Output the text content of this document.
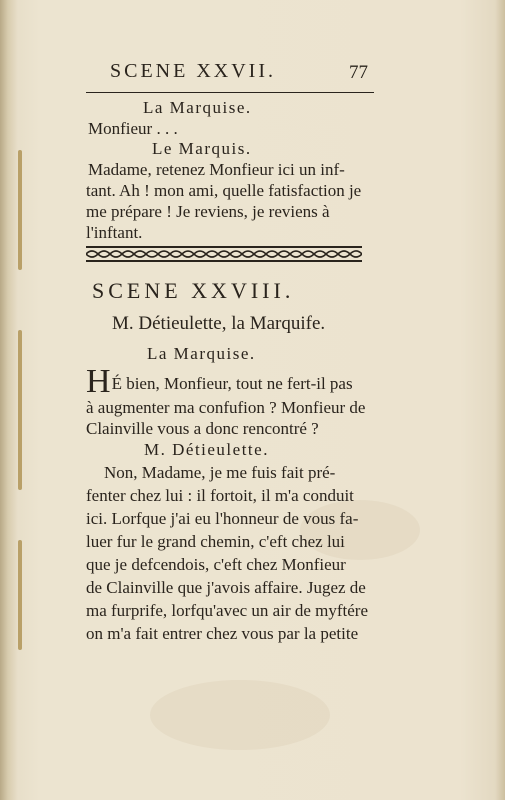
SCENE XXVII.	77
La Marquise.
Monfieur . . .
Le Marquis.
Madame, retenez Monfieur ici un inf-
tant. Ah ! mon ami, quelle fatisfaction je
me prépare ! Je reviens, je reviens à
l'inftant.
SCENE XXVIII.
M. Détieulette, la Marquife.
La Marquise.
HÉ bien, Monfieur, tout ne fert-il pas
à augmenter ma confufion ? Monfieur de
Clainville vous a donc rencontré ?
M. Détieulette.
Non, Madame, je me fuis fait pré-
fenter chez lui : il fortoit, il m'a conduit
ici. Lorfque j'ai eu l'honneur de vous fa-
luer fur le grand chemin, c'eft chez lui
que je defcendois, c'eft chez Monfieur
de Clainville que j'avois affaire. Jugez de
ma furprife, lorfqu'avec un air de myftére
on m'a fait entrer chez vous par la petite
